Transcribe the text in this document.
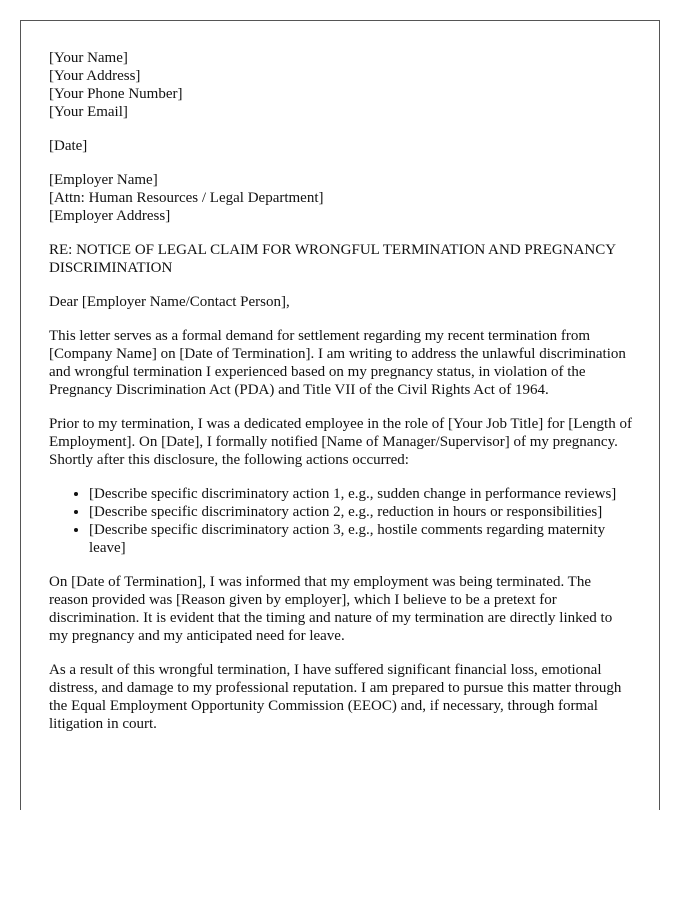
[Your Name]
[Your Address]
[Your Phone Number]
[Your Email]
[Date]
[Employer Name]
[Attn: Human Resources / Legal Department]
[Employer Address]

RE: NOTICE OF LEGAL CLAIM FOR WRONGFUL TERMINATION AND PREGNANCY DISCRIMINATION

Dear [Employer Name/Contact Person],

This letter serves as a formal demand for settlement regarding my recent termination from [Company Name] on [Date of Termination]. I am writing to address the unlawful discrimination and wrongful termination I experienced based on my pregnancy status, in violation of the Pregnancy Discrimination Act (PDA) and Title VII of the Civil Rights Act of 1964.

Prior to my termination, I was a dedicated employee in the role of [Your Job Title] for [Length of Employment]. On [Date], I formally notified [Name of Manager/Supervisor] of my pregnancy. Shortly after this disclosure, the following actions occurred:

• [Describe specific discriminatory action 1, e.g., sudden change in performance reviews]
• [Describe specific discriminatory action 2, e.g., reduction in hours or responsibilities]
• [Describe specific discriminatory action 3, e.g., hostile comments regarding maternity leave]

On [Date of Termination], I was informed that my employment was being terminated. The reason provided was [Reason given by employer], which I believe to be a pretext for discrimination. It is evident that the timing and nature of my termination are directly linked to my pregnancy and my anticipated need for leave.

As a result of this wrongful termination, I have suffered significant financial loss, emotional distress, and damage to my professional reputation. I am prepared to pursue this matter through the Equal Employment Opportunity Commission (EEOC) and, if necessary, through formal litigation in court.
